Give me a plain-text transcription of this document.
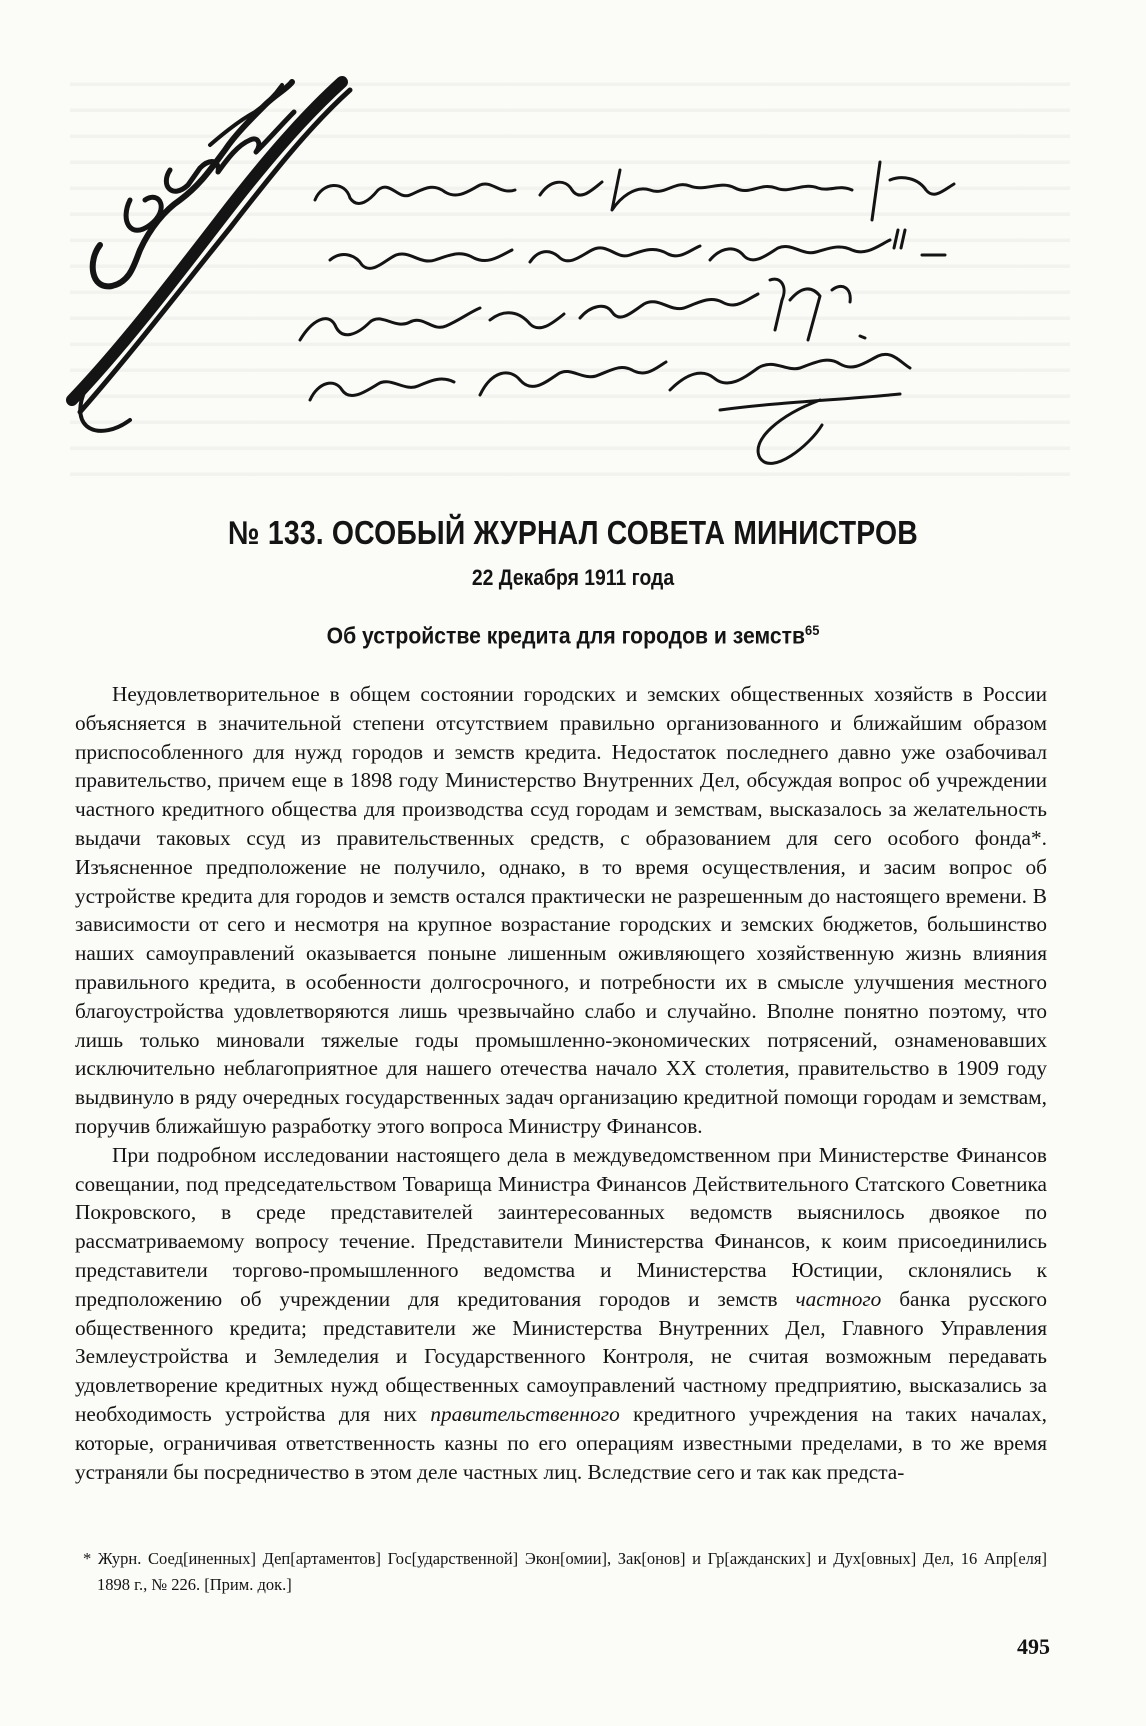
№ 133. ОСОБЫЙ ЖУРНАЛ СОВЕТА МИНИСТРОВ
22 Декабря 1911 года
Об устройстве кредита для городов и земств$^{65}$

Неудовлетворительное в общем состоянии городских и земских общественных хозяйств в России объясняется в значительной степени отсутствием правильно организованного и ближайшим образом приспособленного для нужд городов и земств кредита. Недостаток последнего давно уже озабочивал правительство, причем еще в 1898 году Министерство Внутренних Дел, обсуждая вопрос об учреждении частного кредитного общества для производства ссуд городам и земствам, высказалось за желательность выдачи таковых ссуд из правительственных средств, с образованием для сего особого фонда*. Изъясненное предположение не получило, однако, в то время осуществления, и засим вопрос об устройстве кредита для городов и земств остался практически не разрешенным до настоящего времени. В зависимости от сего и несмотря на крупное возрастание городских и земских бюджетов, большинство наших самоуправлений оказывается поныне лишенным оживляющего хозяйственную жизнь влияния правильного кредита, в особенности долгосрочного, и потребности их в смысле улучшения местного благоустройства удовлетворяются лишь чрезвычайно слабо и случайно. Вполне понятно поэтому, что лишь только миновали тяжелые годы промышленно-экономических потрясений, ознаменовавших исключительно неблагоприятное для нашего отечества начало XX столетия, правительство в 1909 году выдвинуло в ряду очередных государственных задач организацию кредитной помощи городам и земствам, поручив ближайшую разработку этого вопроса Министру Финансов.

При подробном исследовании настоящего дела в междуведомственном при Министерстве Финансов совещании, под председательством Товарища Министра Финансов Действительного Статского Советника Покровского, в среде представителей заинтересованных ведомств выяснилось двоякое по рассматриваемому вопросу течение. Представители Министерства Финансов, к коим присоединились представители торгово-промышленного ведомства и Министерства Юстиции, склонялись к предположению об учреждении для кредитования городов и земств частного банка русского общественного кредита; представители же Министерства Внутренних Дел, Главного Управления Землеустройства и Земледелия и Государственного Контроля, не считая возможным передавать удовлетворение кредитных нужд общественных самоуправлений частному предприятию, высказались за необходимость устройства для них правительственного кредитного учреждения на таких началах, которые, ограничивая ответственность казны по его операциям известными пределами, в то же время устраняли бы посредничество в этом деле частных лиц. Вследствие сего и так как предста-

* Журн. Соед[иненных] Деп[артаментов] Гос[ударственной] Экон[омии], Зак[онов] и Гр[ажданских] и Дух[овных] Дел, 16 Апр[еля] 1898 г., № 226. [Прим. док.]
495
